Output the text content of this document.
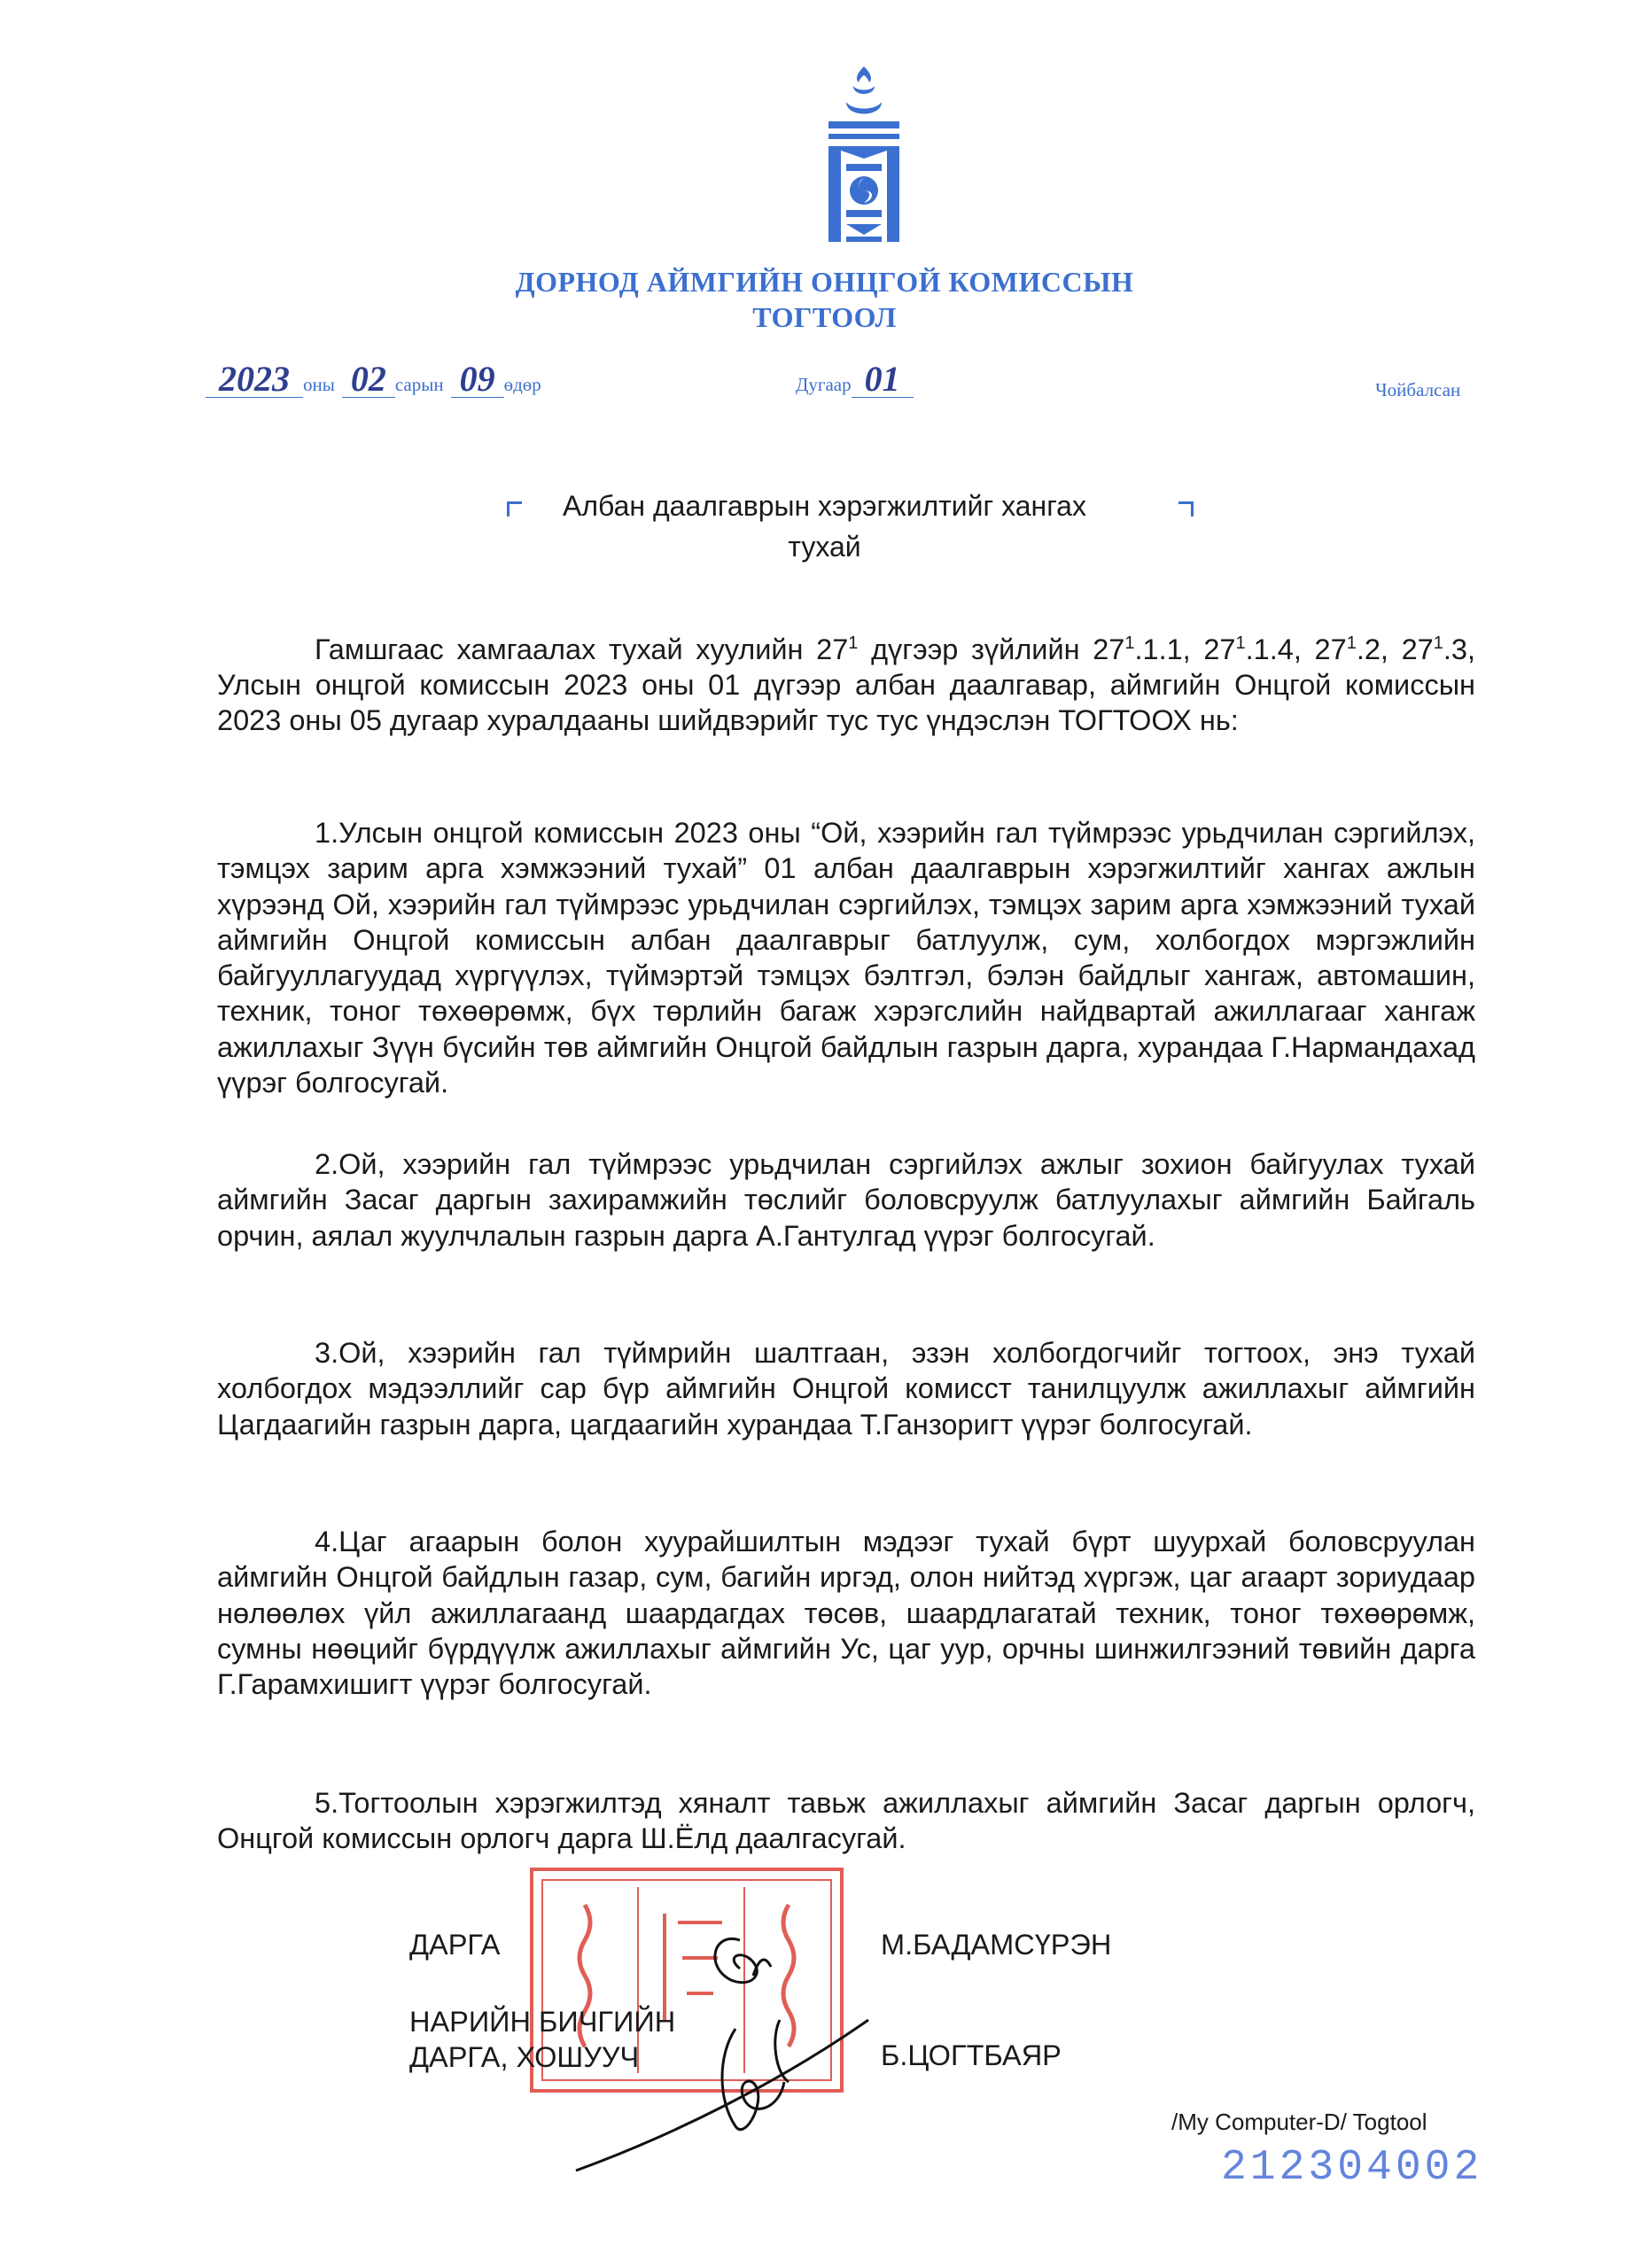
ДОРНОД АЙМГИЙН ОНЦГОЙ КОМИССЫН
ТОГТООЛ
2023 оны 02 сарын 09 өдөр	Дугаар 01	Чойбалсан
Албан даалгаврын хэрэгжилтийг хангах
тухай
Гамшгаас хамгаалах тухай хуулийн $27^1$ дүгээр зүйлийн $27^1.1.1$, $27^1.1.4$, $27^1.2$, $27^1.3$, Улсын онцгой комиссын 2023 оны 01 дүгээр албан даалгавар, аймгийн Онцгой комиссын 2023 оны 05 дугаар хуралдааны шийдвэрийг тус тус үндэслэн ТОГТООХ нь:
1.Улсын онцгой комиссын 2023 оны “Ой, хээрийн гал түймрээс урьдчилан сэргийлэх, тэмцэх зарим арга хэмжээний тухай” 01 албан даалгаврын хэрэгжилтийг хангах ажлын хүрээнд Ой, хээрийн гал түймрээс урьдчилан сэргийлэх, тэмцэх зарим арга хэмжээний тухай аймгийн Онцгой комиссын албан даалгаврыг батлуулж, сум, холбогдох мэргэжлийн байгууллагуудад хүргүүлэх, түймэртэй тэмцэх бэлтгэл, бэлэн байдлыг хангаж, автомашин, техник, тоног төхөөрөмж, бүх төрлийн багаж хэрэгслийн найдвартай ажиллагааг хангаж ажиллахыг Зүүн бүсийн төв аймгийн Онцгой байдлын газрын дарга, хурандаа Г.Нармандахад үүрэг болгосугай.
2.Ой, хээрийн гал түймрээс урьдчилан сэргийлэх ажлыг зохион байгуулах тухай аймгийн Засаг даргын захирамжийн төслийг боловсруулж батлуулахыг аймгийн Байгаль орчин, аялал жуулчлалын газрын дарга А.Гантулгад үүрэг болгосугай.
3.Ой, хээрийн гал түймрийн шалтгаан, эзэн холбогдогчийг тогтоох, энэ тухай холбогдох мэдээллийг сар бүр аймгийн Онцгой комисст танилцуулж ажиллахыг аймгийн Цагдаагийн газрын дарга, цагдаагийн хурандаа Т.Ганзоригт үүрэг болгосугай.
4.Цаг агаарын болон хуурайшилтын мэдээг тухай бүрт шуурхай боловсруулан аймгийн Онцгой байдлын газар, сум, багийн иргэд, олон нийтэд хүргэж, цаг агаарт зориудаар нөлөөлөх үйл ажиллагаанд шаардагдах төсөв, шаардлагатай техник, тоног төхөөрөмж, сумны нөөцийг бүрдүүлж ажиллахыг аймгийн Ус, цаг уур, орчны шинжилгээний төвийн дарга Г.Гарамхишигт үүрэг болгосугай.
5.Тогтоолын хэрэгжилтэд хяналт тавьж ажиллахыг аймгийн Засаг даргын орлогч, Онцгой комиссын орлогч дарга Ш.Ёлд даалгасугай.
ДАРГА	М.БАДАМСҮРЭН
НАРИЙН БИЧГИЙН
ДАРГА, ХОШУУЧ	Б.ЦОГТБАЯР
/My Computer-D/ Togtool
212304002
